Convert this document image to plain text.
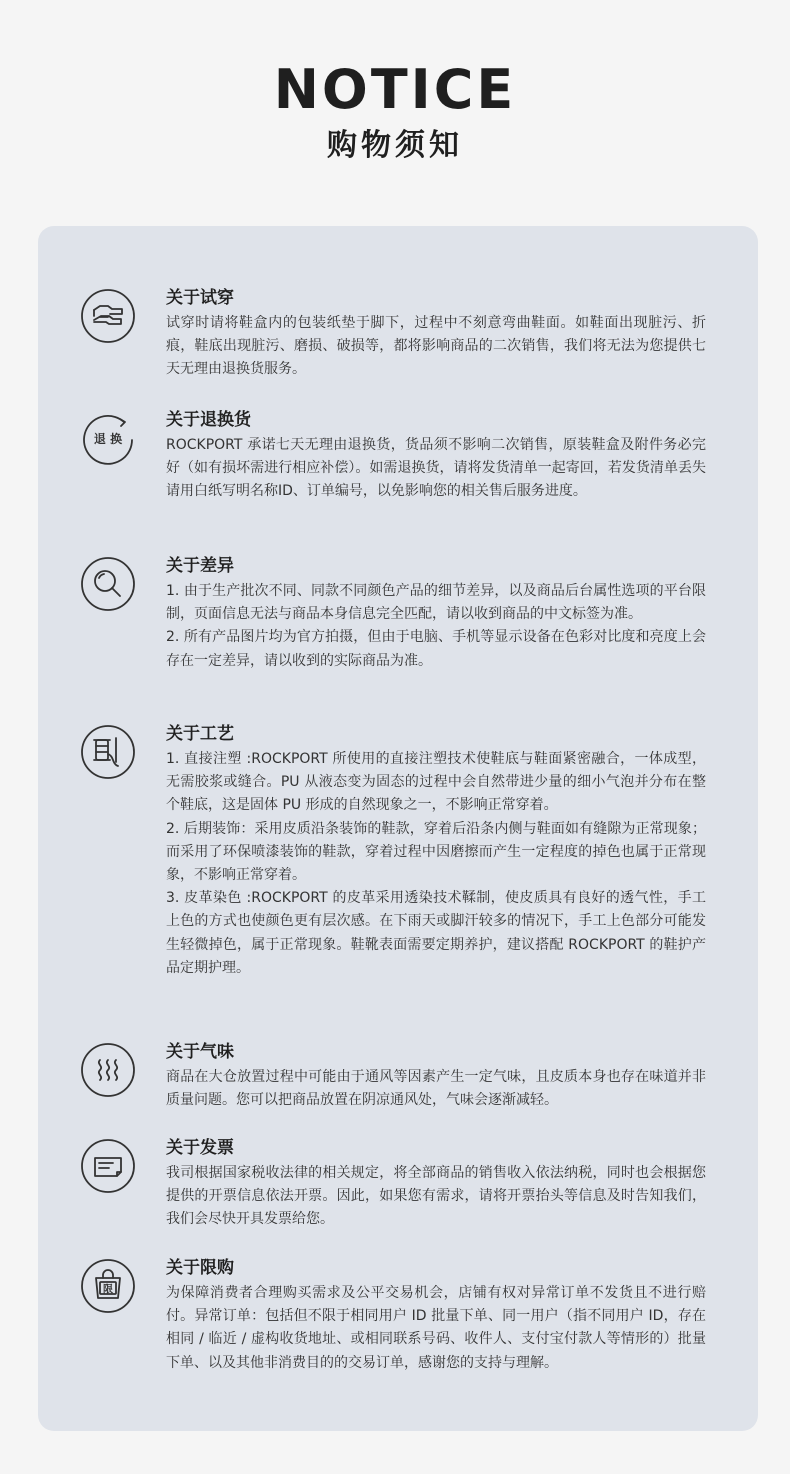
NOTICE
购物须知
关于试穿

试穿时请将鞋盒内的包装纸垫于脚下，过程中不刻意弯曲鞋面。如鞋面出现脏污、折痕，鞋底出现脏污、磨损、破损等，都将影响商品的二次销售，我们将无法为您提供七天无理由退换货服务。

退 换
关于退换货

ROCKPORT 承诺七天无理由退换货，货品须不影响二次销售，原装鞋盒及附件务必完好（如有损坏需进行相应补偿）。如需退换货，请将发货清单一起寄回，若发货清单丢失请用白纸写明名称ID、订单编号，以免影响您的相关售后服务进度。

关于差异

1. 由于生产批次不同、同款不同颜色产品的细节差异，以及商品后台属性选项的平台限制，页面信息无法与商品本身信息完全匹配，请以收到商品的中文标签为准。

2. 所有产品图片均为官方拍摄，但由于电脑、手机等显示设备在色彩对比度和亮度上会存在一定差异，请以收到的实际商品为准。

关于工艺

1. 直接注塑 :ROCKPORT 所使用的直接注塑技术使鞋底与鞋面紧密融合，一体成型，无需胶浆或缝合。PU 从液态变为固态的过程中会自然带进少量的细小气泡并分布在整个鞋底，这是固体 PU 形成的自然现象之一，不影响正常穿着。

2. 后期装饰：采用皮质沿条装饰的鞋款，穿着后沿条内侧与鞋面如有缝隙为正常现象；而采用了环保喷漆装饰的鞋款，穿着过程中因磨擦而产生一定程度的掉色也属于正常现象，不影响正常穿着。

3. 皮革染色 :ROCKPORT 的皮革采用透染技术鞣制，使皮质具有良好的透气性，手工上色的方式也使颜色更有层次感。在下雨天或脚汗较多的情况下，手工上色部分可能发生轻微掉色，属于正常现象。鞋靴表面需要定期养护，建议搭配 ROCKPORT 的鞋护产品定期护理。

关于气味

商品在大仓放置过程中可能由于通风等因素产生一定气味，且皮质本身也存在味道并非质量问题。您可以把商品放置在阴凉通风处，气味会逐渐减轻。

关于发票

我司根据国家税收法律的相关规定，将全部商品的销售收入依法纳税，同时也会根据您提供的开票信息依法开票。因此，如果您有需求，请将开票抬头等信息及时告知我们，我们会尽快开具发票给您。

限
关于限购

为保障消费者合理购买需求及公平交易机会，店铺有权对异常订单不发货且不进行赔付。异常订单：包括但不限于相同用户 ID 批量下单、同一用户（指不同用户 ID，存在相同 / 临近 / 虚构收货地址、或相同联系号码、收件人、支付宝付款人等情形的）批量下单、以及其他非消费目的的交易订单，感谢您的支持与理解。
